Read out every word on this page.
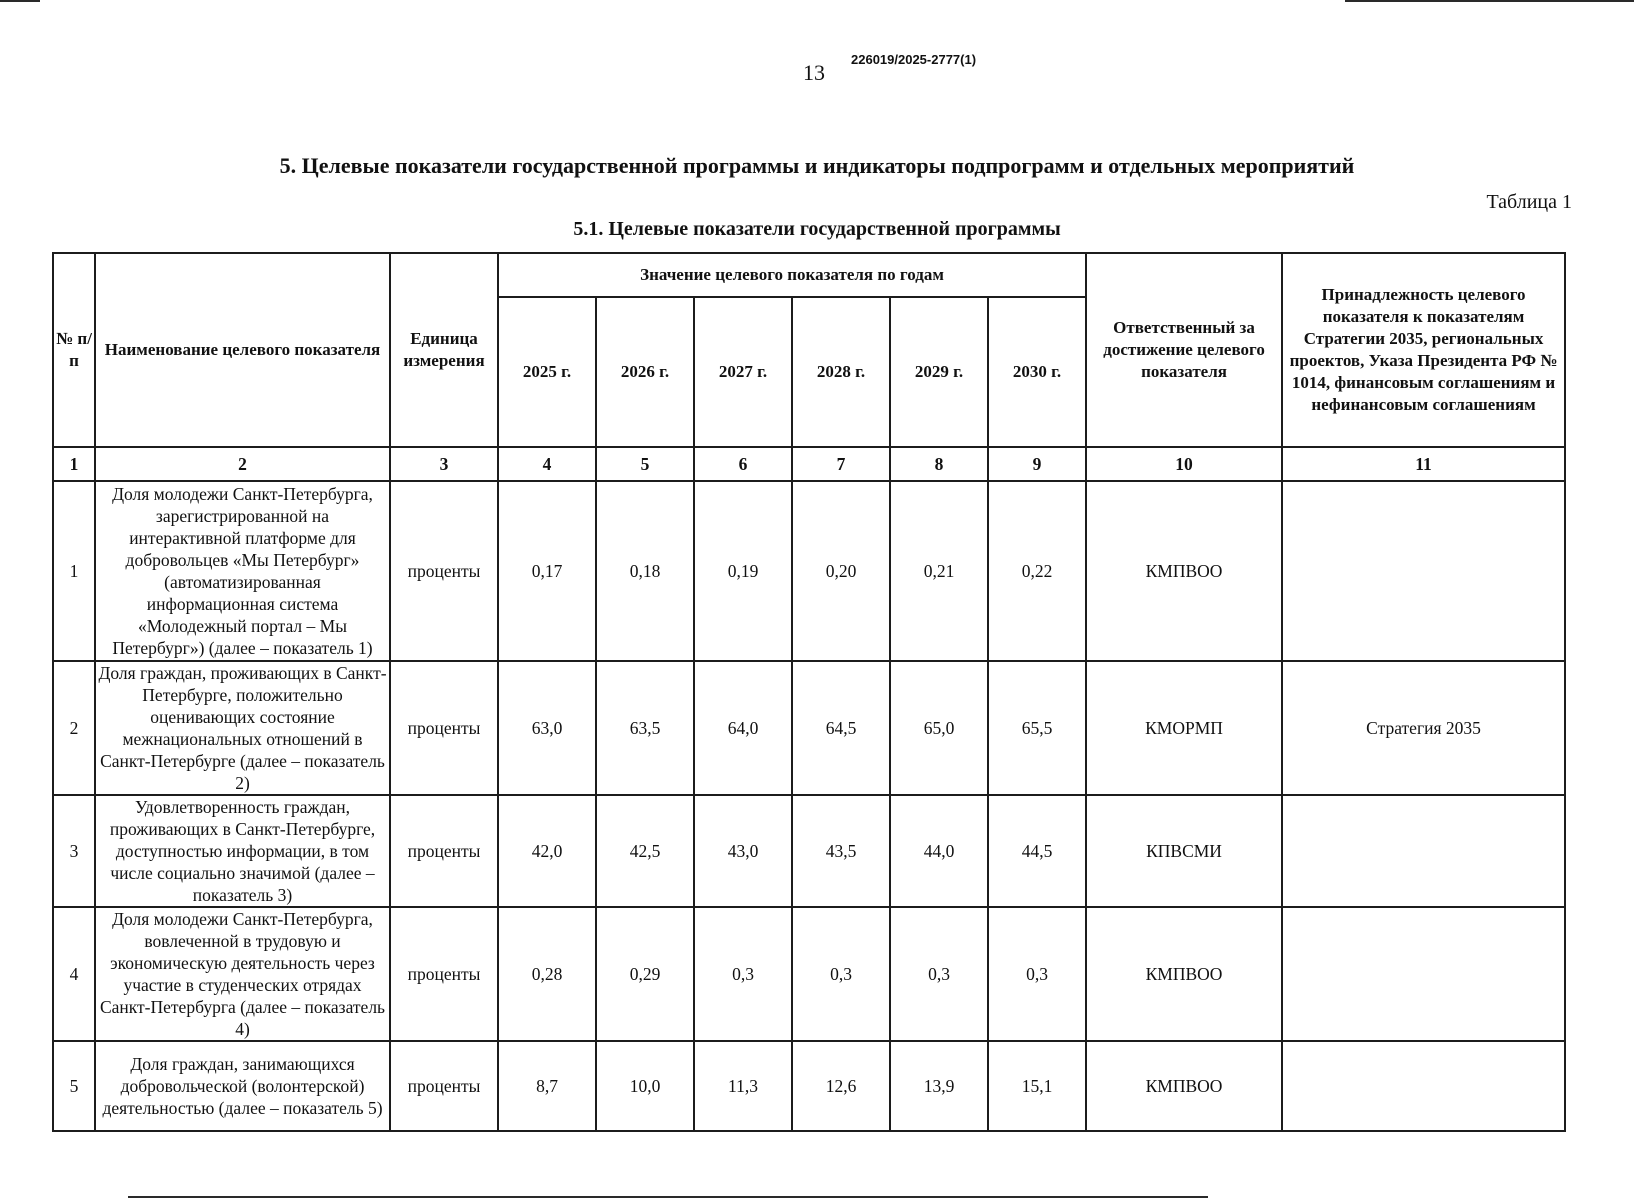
13
226019/2025-2777(1)
5. Целевые показатели государственной программы и индикаторы подпрограмм и отдельных мероприятий
Таблица 1
5.1. Целевые показатели государственной программы
№ п/п	Наименование целевого показателя	Единица измерения	Значение целевого показателя по годам						Ответственный за достижение целевого показателя	Принадлежность целевого показателя к показателям Стратегии 2035, региональных проектов, Указа Президента РФ № 1014, финансовым соглашениям и нефинансовым соглашениям
			2025 г.	2026 г.	2027 г.	2028 г.	2029 г.	2030 г.		
1	2	3	4	5	6	7	8	9	10	11
1	Доля молодежи Санкт-Петербурга, зарегистрированной на интерактивной платформе для добровольцев «Мы Петербург» (автоматизированная информационная система «Молодежный портал – Мы Петербург») (далее – показатель 1)	проценты	0,17	0,18	0,19	0,20	0,21	0,22	КМПВОО	
2	Доля граждан, проживающих в Санкт-Петербурге, положительно оценивающих состояние межнациональных отношений в Санкт-Петербурге (далее – показатель 2)	проценты	63,0	63,5	64,0	64,5	65,0	65,5	КМОРМП	Стратегия 2035
3	Удовлетворенность граждан, проживающих в Санкт-Петербурге, доступностью информации, в том числе социально значимой (далее – показатель 3)	проценты	42,0	42,5	43,0	43,5	44,0	44,5	КПВСМИ	
4	Доля молодежи Санкт-Петербурга, вовлеченной в трудовую и экономическую деятельность через участие в студенческих отрядах Санкт-Петербурга (далее – показатель 4)	проценты	0,28	0,29	0,3	0,3	0,3	0,3	КМПВОО	
5	Доля граждан, занимающихся добровольческой (волонтерской) деятельностью (далее – показатель 5)	проценты	8,7	10,0	11,3	12,6	13,9	15,1	КМПВОО	
